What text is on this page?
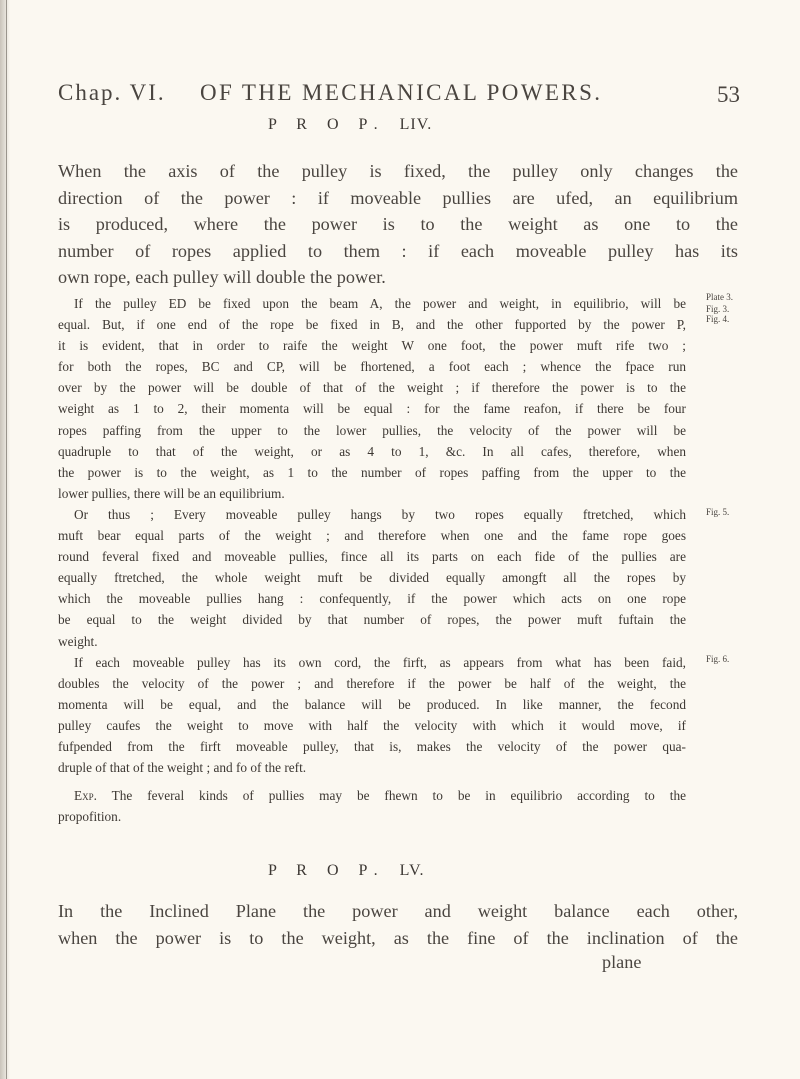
Chap. VI. OF THE MECHANICAL POWERS.	53
P R O P. LIV.
When the axis of the pulley is fixed, the pulley only changes the
direction of the power : if moveable pullies are ufed, an equilibrium
is produced, where the power is to the weight as one to the
number of ropes applied to them : if each moveable pulley has its
own rope, each pulley will double the power.
If the pulley ED be fixed upon the beam A, the power and weight, in equilibrio, will be
equal. But, if one end of the rope be fixed in B, and the other fupported by the power P,
it is evident, that in order to raife the weight W one foot, the power muft rife two ;
for both the ropes, BC and CP, will be fhortened, a foot each ; whence the fpace run
over by the power will be double of that of the weight ; if therefore the power is to the
weight as 1 to 2, their momenta will be equal : for the fame reafon, if there be four
ropes paffing from the upper to the lower pullies, the velocity of the power will be
quadruple to that of the weight, or as 4 to 1, &c. In all cafes, therefore, when
the power is to the weight, as 1 to the number of ropes paffing from the upper to the
lower pullies, there will be an equilibrium.
Or thus ; Every moveable pulley hangs by two ropes equally ftretched, which
muft bear equal parts of the weight ; and therefore when one and the fame rope goes
round feveral fixed and moveable pullies, fince all its parts on each fide of the pullies are
equally ftretched, the whole weight muft be divided equally amongft all the ropes by
which the moveable pullies hang : confequently, if the power which acts on one rope
be equal to the weight divided by that number of ropes, the power muft fuftain the
weight.
If each moveable pulley has its own cord, the firft, as appears from what has been faid,
doubles the velocity of the power ; and therefore if the power be half of the weight, the
momenta will be equal, and the balance will be produced. In like manner, the fecond
pulley caufes the weight to move with half the velocity with which it would move, if
fufpended from the firft moveable pulley, that is, makes the velocity of the power qua-
druple of that of the weight ; and fo of the reft.
Exp. The feveral kinds of pullies may be fhewn to be in equilibrio according to the
propofition.
Plate 3.
Fig. 3.
Fig. 4.
Fig. 5.
Fig. 6.
P R O P. LV.
In the Inclined Plane the power and weight balance each other,
when the power is to the weight, as the fine of the inclination of the
plane
